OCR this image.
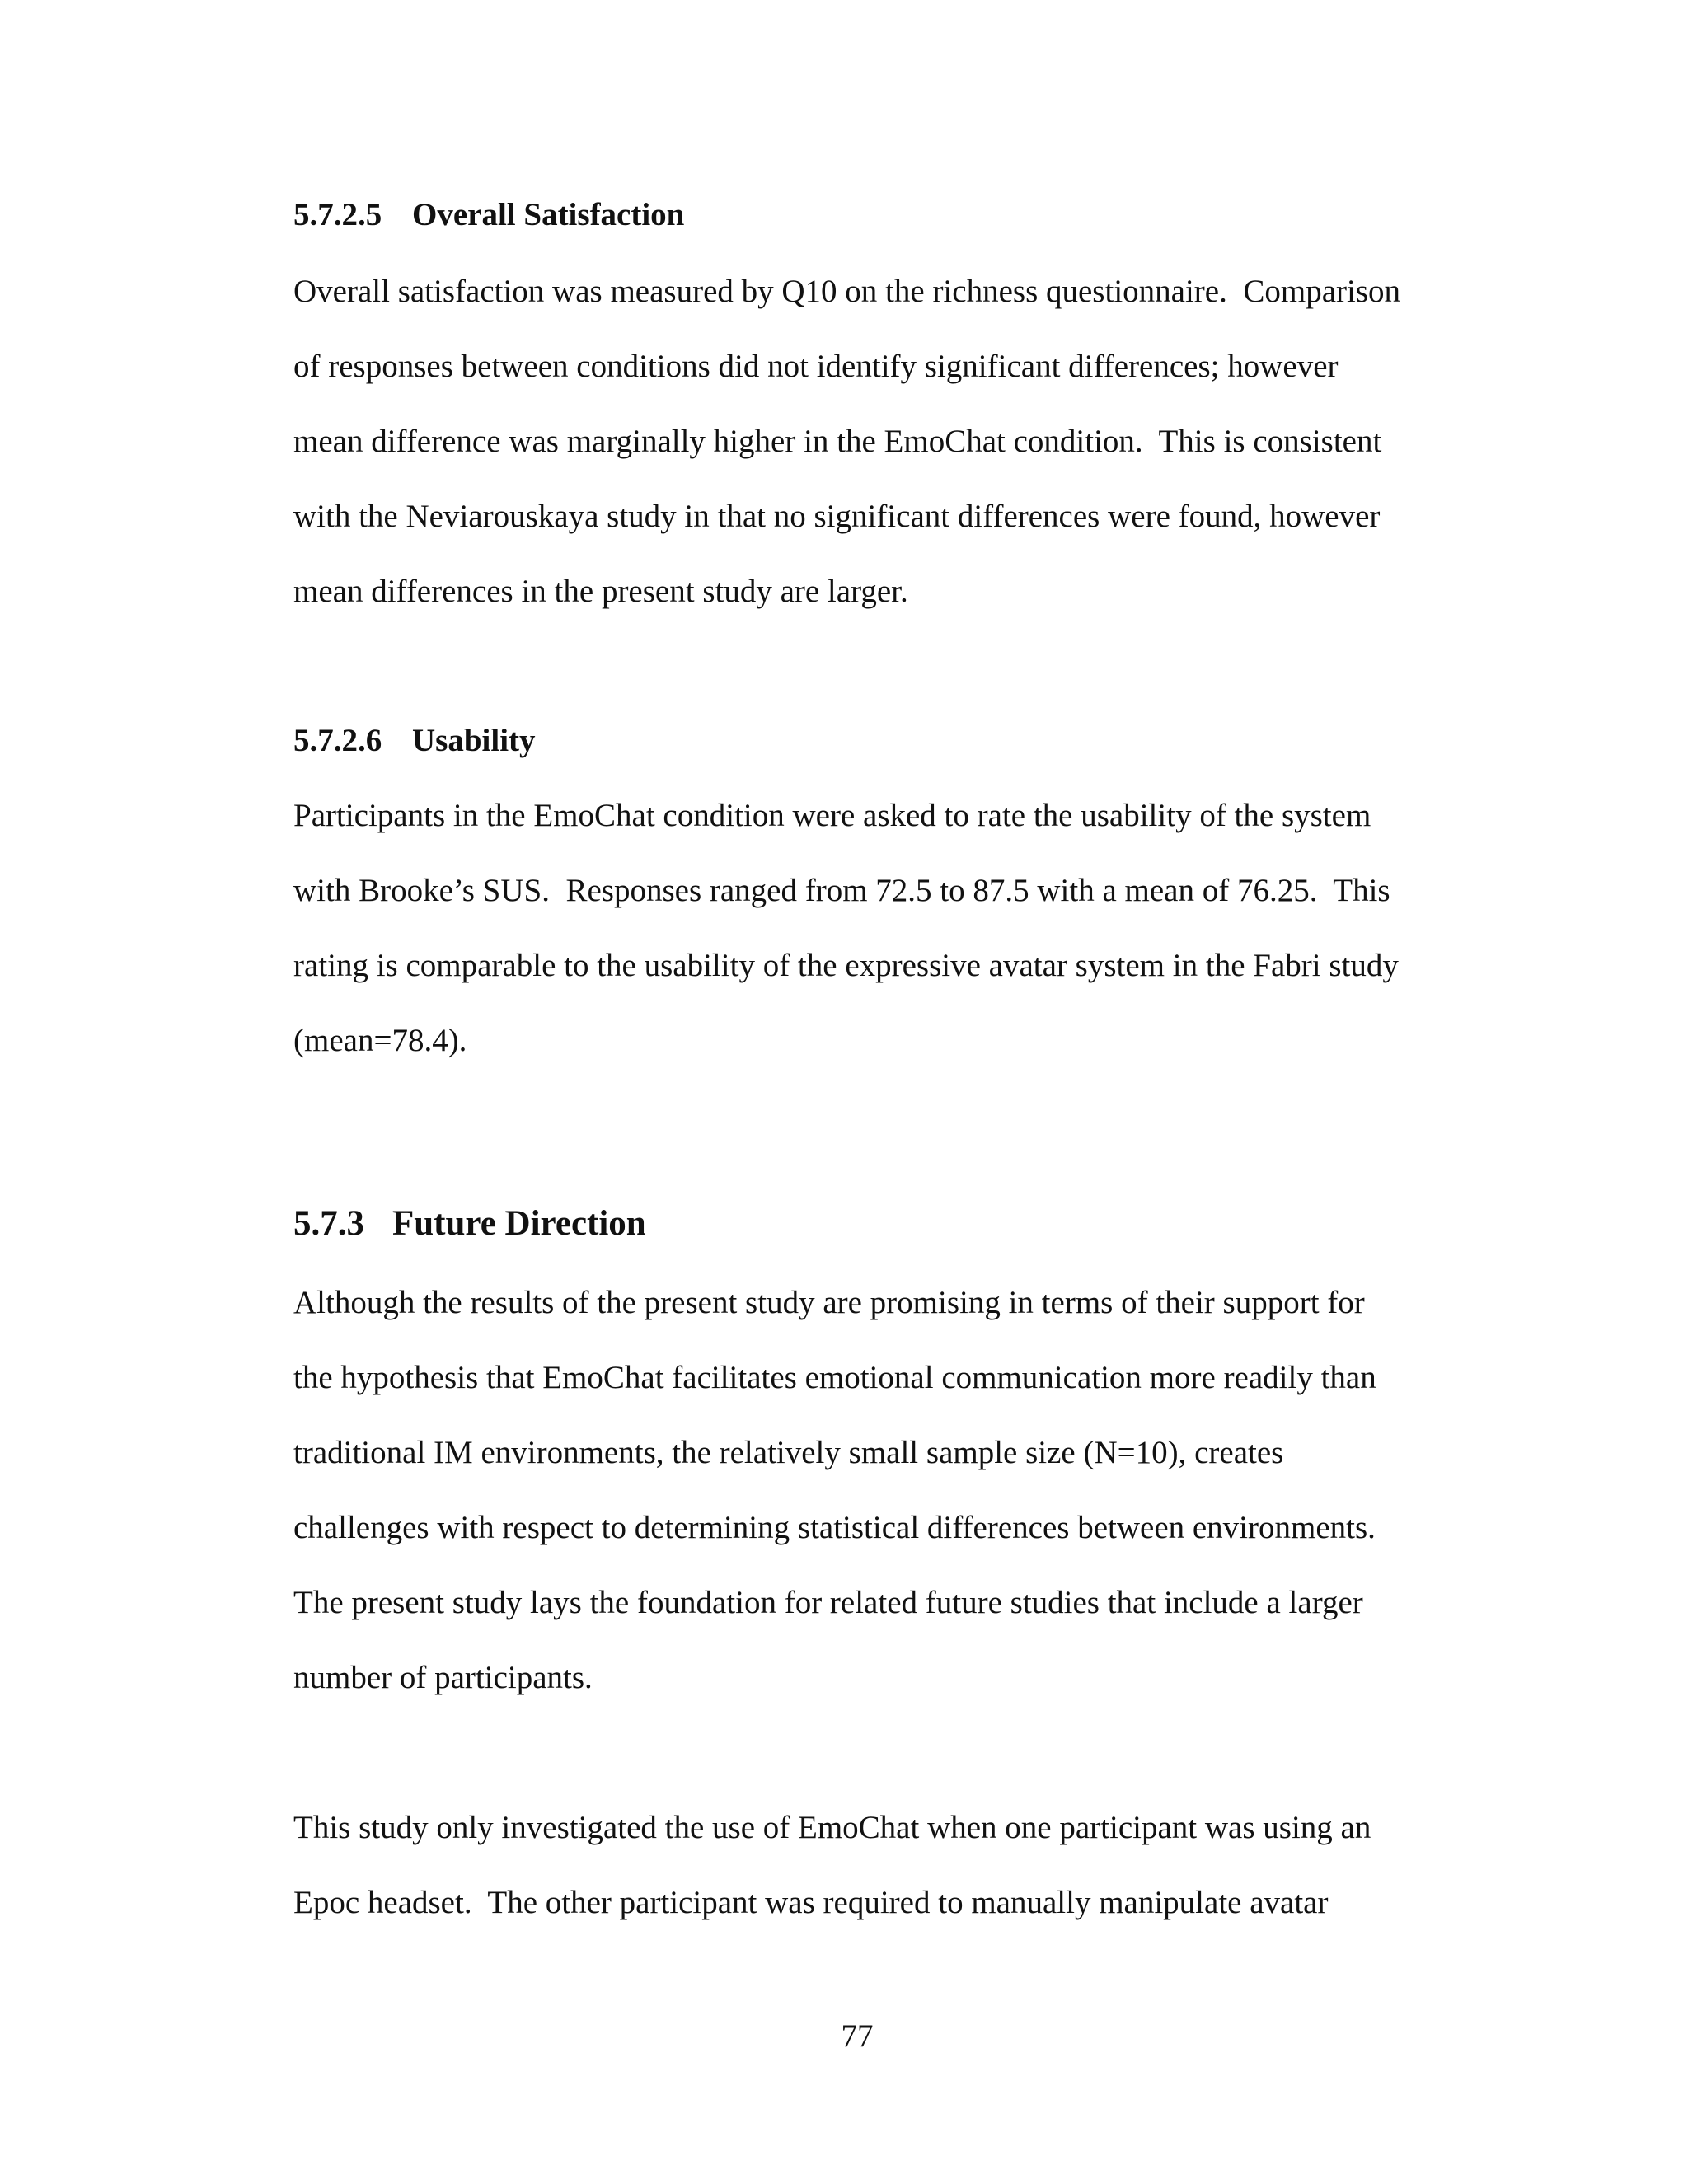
5.7.2.5 Overall Satisfaction

Overall satisfaction was measured by Q10 on the richness questionnaire.  Comparison

of responses between conditions did not identify significant differences; however

mean difference was marginally higher in the EmoChat condition.  This is consistent

with the Neviarouskaya study in that no significant differences were found, however

mean differences in the present study are larger.

5.7.2.6 Usability

Participants in the EmoChat condition were asked to rate the usability of the system

with Brooke’s SUS.  Responses ranged from 72.5 to 87.5 with a mean of 76.25.  This

rating is comparable to the usability of the expressive avatar system in the Fabri study

(mean=78.4).

5.7.3 Future Direction

Although the results of the present study are promising in terms of their support for

the hypothesis that EmoChat facilitates emotional communication more readily than

traditional IM environments, the relatively small sample size (N=10), creates

challenges with respect to determining statistical differences between environments.

The present study lays the foundation for related future studies that include a larger

number of participants.

This study only investigated the use of EmoChat when one participant was using an

Epoc headset.  The other participant was required to manually manipulate avatar

77
